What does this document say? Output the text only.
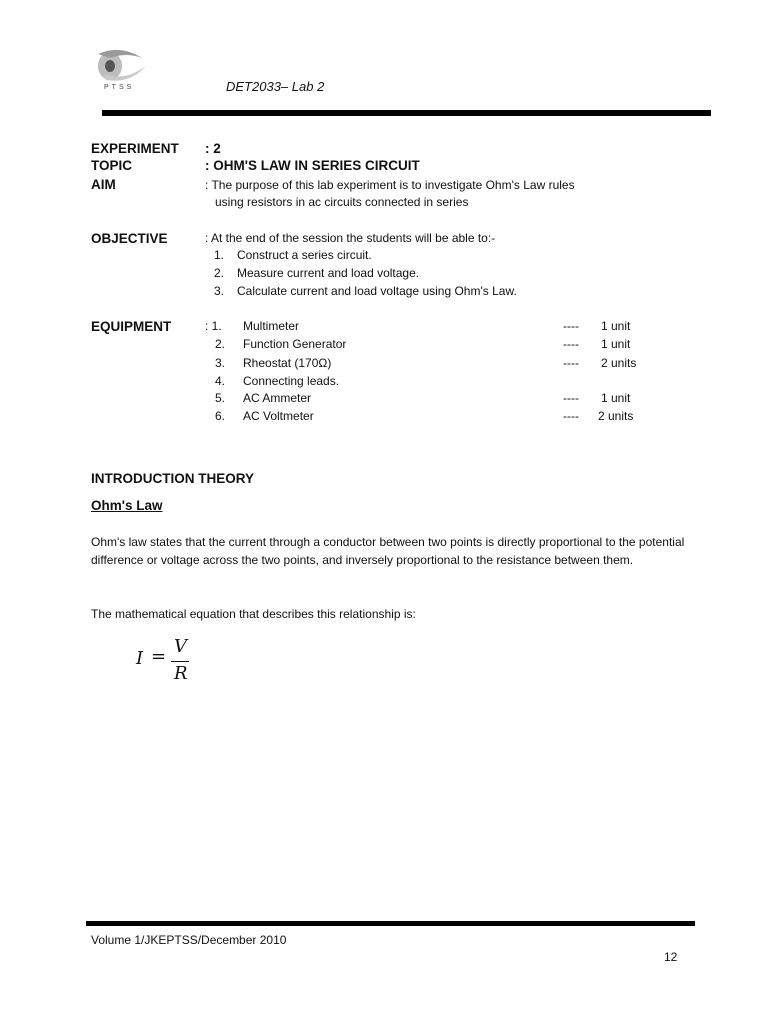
PTSS	DET2033– Lab 2
EXPERIMENT : 2
TOPIC	: OHM'S LAW IN SERIES CIRCUIT
AIM	: The purpose of this lab experiment is to investigate Ohm's Law rules
using resistors in ac circuits connected in series
OBJECTIVE	: At the end of the session the students will be able to:-
1. Construct a series circuit.
2. Measure current and load voltage.
3. Calculate current and load voltage using Ohm's Law.
EQUIPMENT	: 1. Multimeter	---- 1 unit
2. Function Generator	---- 1 unit
3. Rheostat (170Ω)	---- 2 units
4. Connecting leads.
5. AC Ammeter	---- 1 unit
6. AC Voltmeter	---- 2 units
INTRODUCTION THEORY
Ohm's Law
Ohm's law states that the current through a conductor between two points is directly proportional to the potential difference or voltage across the two points, and inversely proportional to the resistance between them.
The mathematical equation that describes this relationship is:
I = V
R
Volume 1/JKEPTSS/December 2010
12
